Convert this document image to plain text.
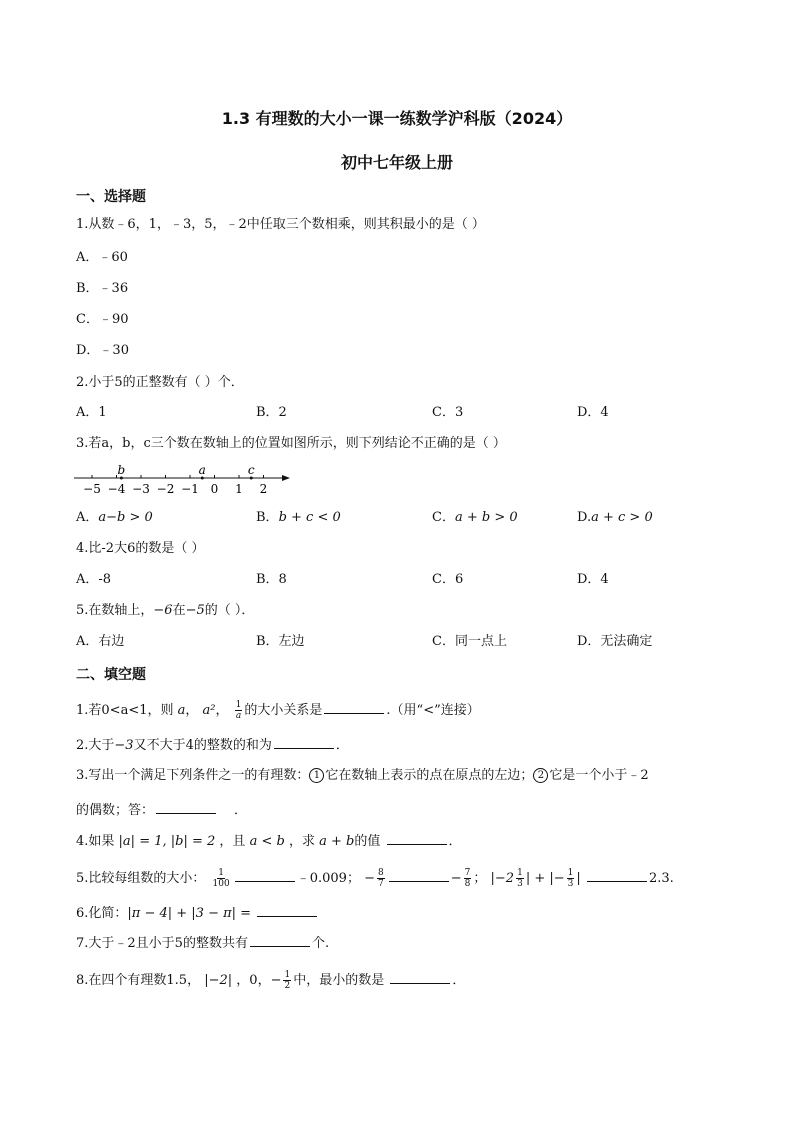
1.3 有理数的大小一课一练数学沪科版（2024）
初中七年级上册
一、选择题
1.从数﹣6，1，﹣3，5，﹣2中任取三个数相乘，则其积最小的是（ ）
A．﹣60
B．﹣36
C．﹣90
D．﹣30
2.小于5的正整数有（ ）个．
A．1	B．2	C．3	D．4
3.若a，b，c三个数在数轴上的位置如图所示，则下列结论不正确的是（ ）
−5 −4 −3 −2 −1 0 1 2
b	a	c
A．a−b > 0	B．b + c < 0	C．a + b > 0	D.a + c > 0
4.比-2大6的数是（ ）
A．-8	B．8	C．6	D．4
5.在数轴上，−6在−5的（ ）．
A．右边	B．左边	C．同一点上	D．无法确定
二、填空题
1.若0<a<1，则 a， a²， $\frac{1}{a}$ 的大小关系是	.（用“<”连接）
2.大于−3又不大于4的整数的和为	．
3.写出一个满足下列条件之一的有理数： 1 它在数轴上表示的点在原点的左边； 2 它是一个小于﹣2
的偶数；答：	．
4.如果 |a| = 1, |b| = 2 ，且 a < b ，求 a + b的值	．
5.比较每组数的大小： $\frac{1}{100}$	﹣0.009； − $\frac{8}{7}$	− $\frac{7}{8}$ ； $|-2 \frac{1}{3}$ | + |− $\frac{1}{3}$ |	2.3.
6.化简：|π − 4| + |3 − π| =
7.大于﹣2且小于5的整数共有	个.
8.在四个有理数1.5， |−2| ，0，− $\frac{1}{2}$ 中，最小的数是	．
